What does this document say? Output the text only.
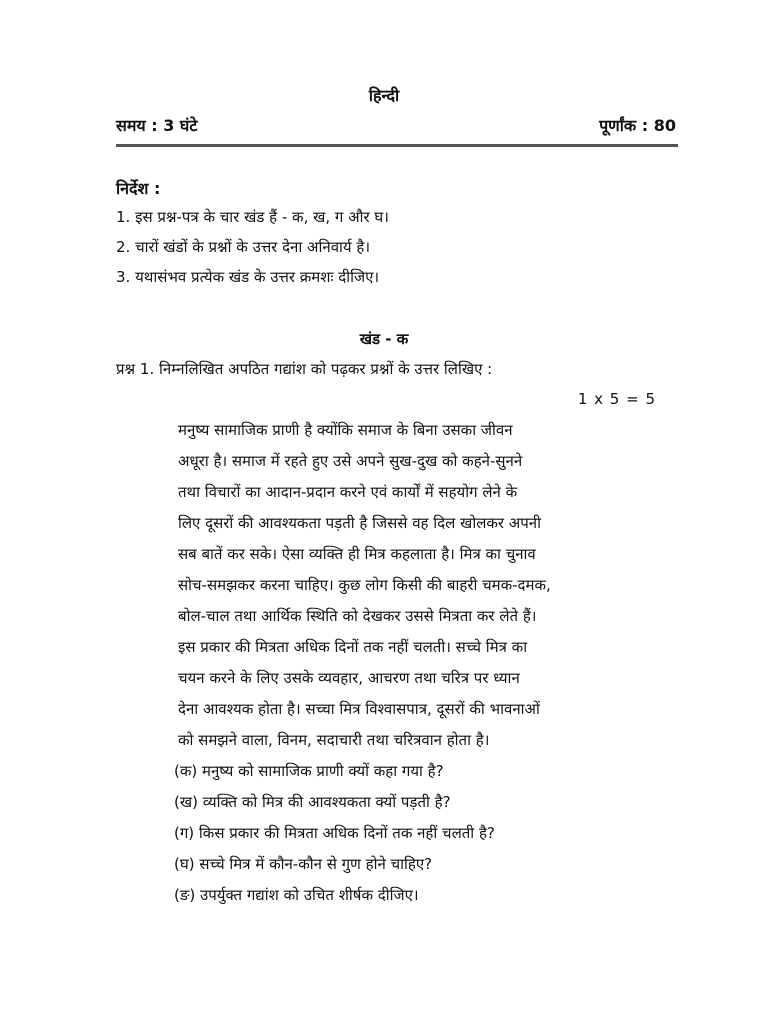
हिन्दी
समय : 3 घंटे	पूर्णांक : 80
निर्देश :
1. इस प्रश्न-पत्र के चार खंड हैं - क, ख, ग और घ।
2. चारों खंडों के प्रश्नों के उत्तर देना अनिवार्य है।
3. यथासंभव प्रत्येक खंड के उत्तर क्रमशः दीजिए।
खंड - क
प्रश्न 1. निम्नलिखित अपठित गद्यांश को पढ़कर प्रश्नों के उत्तर लिखिए :
1 x 5 = 5
मनुष्य सामाजिक प्राणी है क्योंकि समाज के बिना उसका जीवन
अधूरा है। समाज में रहते हुए उसे अपने सुख-दुख को कहने-सुनने
तथा विचारों का आदान-प्रदान करने एवं कार्यों में सहयोग लेने के
लिए दूसरों की आवश्यकता पड़ती है जिससे वह दिल खोलकर अपनी
सब बातें कर सके। ऐसा व्यक्ति ही मित्र कहलाता है। मित्र का चुनाव
सोच-समझकर करना चाहिए। कुछ लोग किसी की बाहरी चमक-दमक,
बोल-चाल तथा आर्थिक स्थिति को देखकर उससे मित्रता कर लेते हैं।
इस प्रकार की मित्रता अधिक दिनों तक नहीं चलती। सच्चे मित्र का
चयन करने के लिए उसके व्यवहार, आचरण तथा चरित्र पर ध्यान
देना आवश्यक होता है। सच्चा मित्र विश्वासपात्र, दूसरों की भावनाओं
को समझने वाला, विनम, सदाचारी तथा चरित्रवान होता है।
(क) मनुष्य को सामाजिक प्राणी क्यों कहा गया है?
(ख) व्यक्ति को मित्र की आवश्यकता क्यों पड़ती है?
(ग) किस प्रकार की मित्रता अधिक दिनों तक नहीं चलती है?
(घ) सच्चे मित्र में कौन-कौन से गुण होने चाहिए?
(ङ) उपर्युक्त गद्यांश को उचित शीर्षक दीजिए।
